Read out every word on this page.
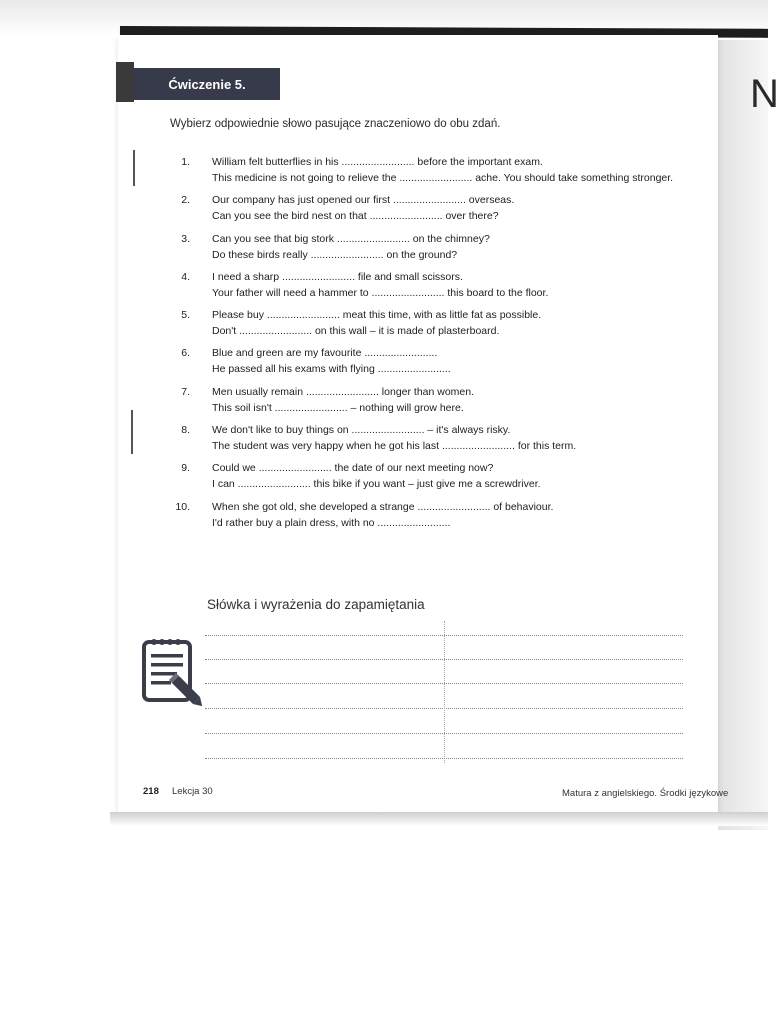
N
Ćwiczenie 5.
Wybierz odpowiednie słowo pasujące znaczeniowo do obu zdań.
1. William felt butterflies in his ......................... before the important exam.
This medicine is not going to relieve the ......................... ache. You should take something stronger.
2. Our company has just opened our first ......................... overseas.
Can you see the bird nest on that ......................... over there?
3. Can you see that big stork ......................... on the chimney?
Do these birds really ......................... on the ground?
4. I need a sharp ......................... file and small scissors.
Your father will need a hammer to ......................... this board to the floor.
5. Please buy ......................... meat this time, with as little fat as possible.
Don't ......................... on this wall – it is made of plasterboard.
6. Blue and green are my favourite .........................
He passed all his exams with flying .........................
7. Men usually remain ......................... longer than women.
This soil isn't ......................... – nothing will grow here.
8. We don't like to buy things on ......................... – it's always risky.
The student was very happy when he got his last ......................... for this term.
9. Could we ......................... the date of our next meeting now?
I can ......................... this bike if you want – just give me a screwdriver.
10. When she got old, she developed a strange ......................... of behaviour.
I'd rather buy a plain dress, with no .........................
Słówka i wyrażenia do zapamiętania
218 Lekcja 30	Matura z angielskiego. Środki językowe
